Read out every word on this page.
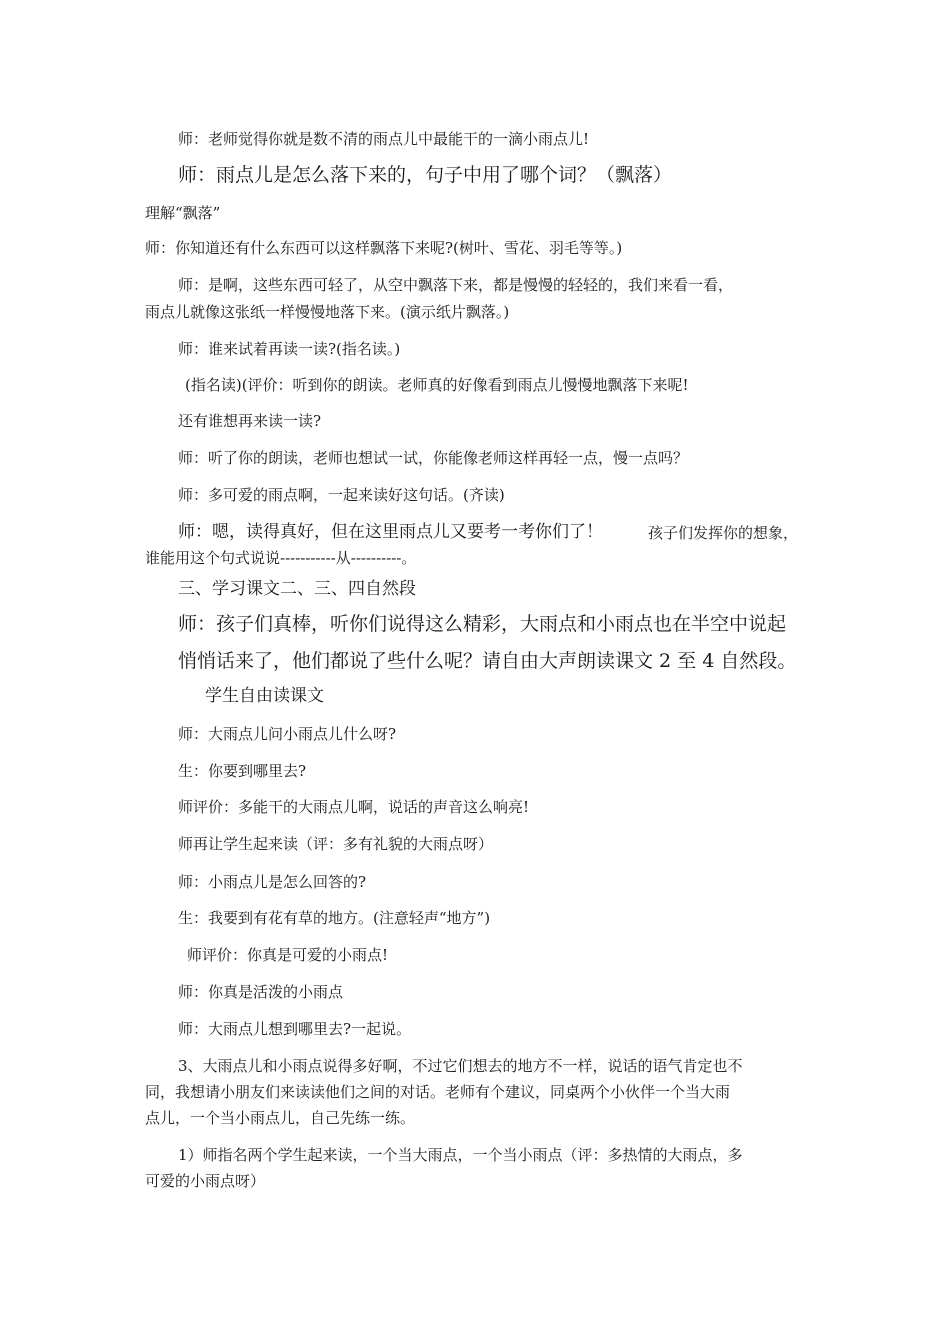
师：老师觉得你就是数不清的雨点儿中最能干的一滴小雨点儿!
师：雨点儿是怎么落下来的，句子中用了哪个词？（飘落）
理解“飘落”
师：你知道还有什么东西可以这样飘落下来呢?(树叶、雪花、羽毛等等。)
师：是啊，这些东西可轻了，从空中飘落下来，都是慢慢的轻轻的，我们来看一看，
雨点儿就像这张纸一样慢慢地落下来。(演示纸片飘落。)
师：谁来试着再读一读?(指名读。)
(指名读)(评价：听到你的朗读。老师真的好像看到雨点儿慢慢地飘落下来呢!
还有谁想再来读一读?
师：听了你的朗读，老师也想试一试，你能像老师这样再轻一点，慢一点吗？
师：多可爱的雨点啊，一起来读好这句话。(齐读)
师：嗯，读得真好，但在这里雨点儿又要考一考你们了！	孩子们发挥你的想象，
谁能用这个句式说说-----------从----------。
三、学习课文二、三、四自然段
师：孩子们真棒，听你们说得这么精彩，大雨点和小雨点也在半空中说起
悄悄话来了，他们都说了些什么呢？请自由大声朗读课文 2 至 4 自然段。
学生自由读课文
师：大雨点儿问小雨点儿什么呀?
生：你要到哪里去?
师评价：多能干的大雨点儿啊，说话的声音这么响亮!
师再让学生起来读（评：多有礼貌的大雨点呀）
师：小雨点儿是怎么回答的?
生：我要到有花有草的地方。(注意轻声“地方”)
师评价：你真是可爱的小雨点!
师：你真是活泼的小雨点
师：大雨点儿想到哪里去?一起说。
3、大雨点儿和小雨点说得多好啊，不过它们想去的地方不一样，说话的语气肯定也不
同，我想请小朋友们来读读他们之间的对话。老师有个建议，同桌两个小伙伴一个当大雨
点儿，一个当小雨点儿，自己先练一练。
1）师指名两个学生起来读，一个当大雨点，一个当小雨点（评：多热情的大雨点，多
可爱的小雨点呀）
